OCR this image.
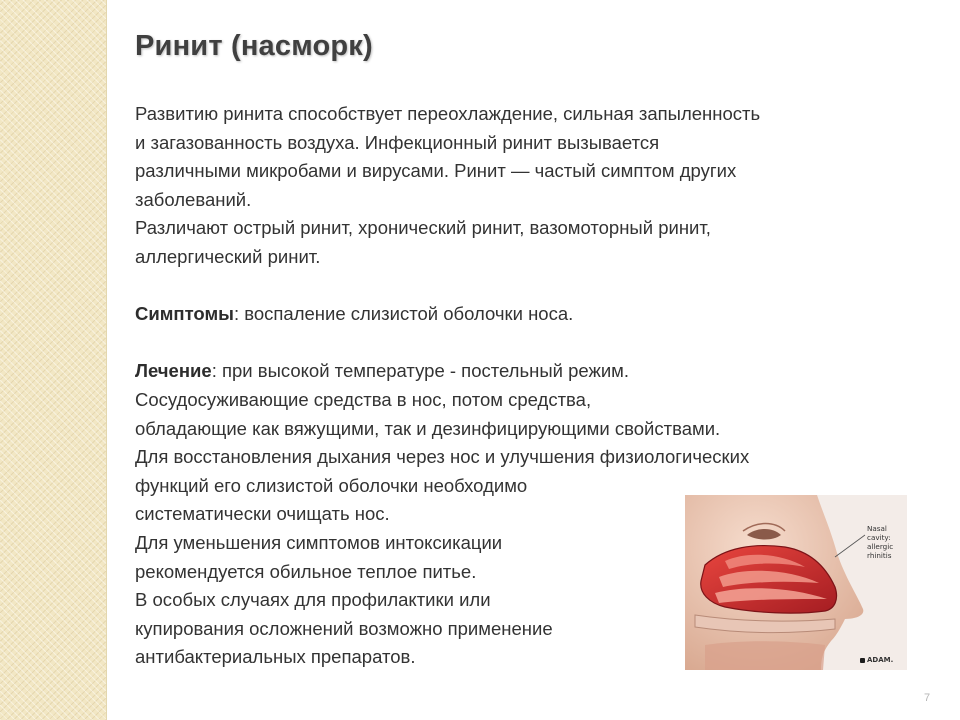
Ринит (насморк)

Развитию ринита способствует переохлаждение, сильная запыленность

и загазованность воздуха. Инфекционный ринит вызывается

различными микробами и вирусами. Ринит — частый симптом других

заболеваний.

Различают острый ринит, хронический ринит, вазомоторный ринит,

аллергический ринит.

Симптомы: воспаление слизистой оболочки носа.

Лечение: при высокой температуре - постельный режим.

Сосудосуживающие средства в нос, потом средства,

обладающие как вяжущими, так и дезинфицирующими свойствами.

Для восстановления дыхания через нос и улучшения физиологических

функций его слизистой оболочки необходимо

систематически очищать нос.

Для уменьшения симптомов интоксикации

рекомендуется обильное теплое питье.

В особых случаях для профилактики или

купирования осложнений возможно применение

антибактериальных препаратов.

Nasal cavity:
allergic rhinitis
ADAM.
7
